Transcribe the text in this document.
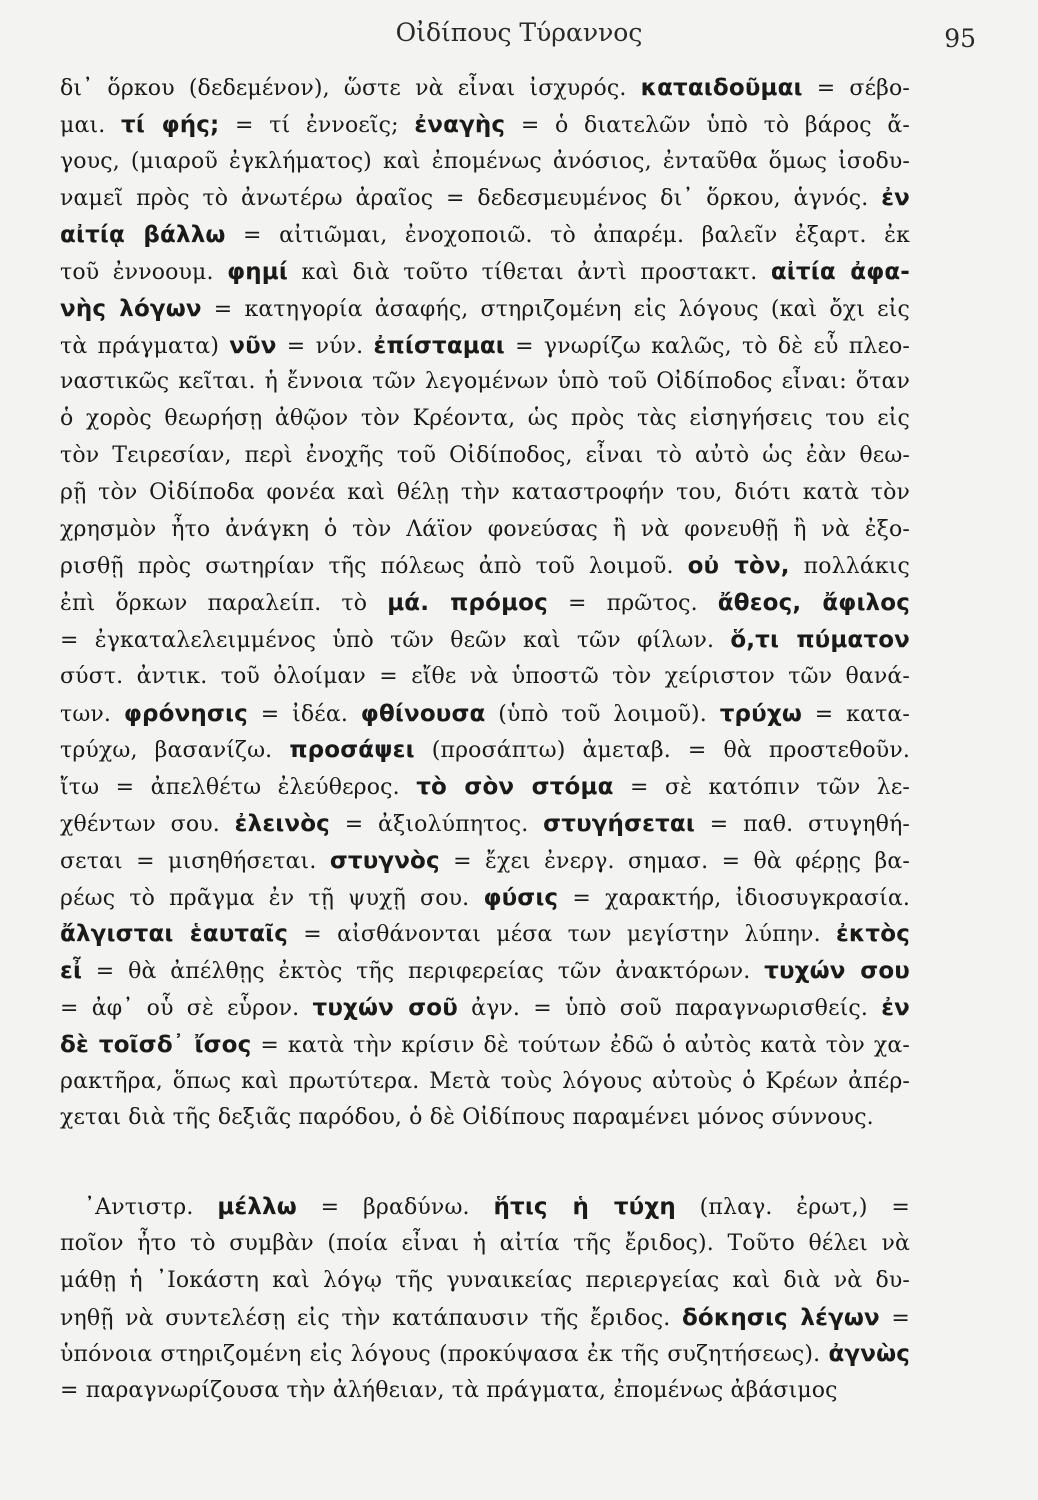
Οἰδίπους Τύραννος	95
δι᾽ ὅρκου (δεδεμένον), ὥστε νὰ εἶναι ἰσχυρός. καταιδοῦμαι = σέβο-
μαι. τί φής; = τί ἐννοεῖς; ἐναγὴς = ὁ διατελῶν ὑπὸ τὸ βάρος ἄ-
γους, (μιαροῦ ἐγκλήματος) καὶ ἐπομένως ἀνόσιος, ἐνταῦθα ὅμως ἰσοδυ-
ναμεῖ πρὸς τὸ ἀνωτέρω ἀραῖος = δεδεσμευμένος δι᾽ ὅρκου, ἁγνός. ἐν
αἰτίᾳ βάλλω = αἰτιῶμαι, ἐνοχοποιῶ. τὸ ἀπαρέμ. βαλεῖν ἐξαρτ. ἐκ
τοῦ ἐννοουμ. φημί καὶ διὰ τοῦτο τίθεται ἀντὶ προστακτ. αἰτία ἀφα-
νὴς λόγων = κατηγορία ἀσαφής, στηριζομένη εἰς λόγους (καὶ ὄχι εἰς
τὰ πράγματα) νῦν = νύν. ἐπίσταμαι = γνωρίζω καλῶς, τὸ δὲ εὖ πλεο-
ναστικῶς κεῖται. ἡ ἔννοια τῶν λεγομένων ὑπὸ τοῦ Οἰδίποδος εἶναι: ὅταν
ὁ χορὸς θεωρήσῃ ἀθῷον τὸν Κρέοντα, ὡς πρὸς τὰς εἰσηγήσεις του εἰς
τὸν Τειρεσίαν, περὶ ἐνοχῆς τοῦ Οἰδίποδος, εἶναι τὸ αὐτὸ ὡς ἐὰν θεω-
ρῇ τὸν Οἰδίποδα φονέα καὶ θέλῃ τὴν καταστροφήν του, διότι κατὰ τὸν
χρησμὸν ἦτο ἀνάγκη ὁ τὸν Λάϊον φονεύσας ἢ νὰ φονευθῇ ἢ νὰ ἐξο-
ρισθῇ πρὸς σωτηρίαν τῆς πόλεως ἀπὸ τοῦ λοιμοῦ. οὐ τὸν, πολλάκις
ἐπὶ ὅρκων παραλείπ. τὸ μά. πρόμος = πρῶτος. ἄθεος, ἄφιλος
= ἐγκαταλελειμμένος ὑπὸ τῶν θεῶν καὶ τῶν φίλων. ὅ,τι πύματον
σύστ. ἀντικ. τοῦ ὀλοίμαν = εἴθε νὰ ὑποστῶ τὸν χείριστον τῶν θανά-
των. φρόνησις = ἰδέα. φθίνουσα (ὑπὸ τοῦ λοιμοῦ). τρύχω = κατα-
τρύχω, βασανίζω. προσάψει (προσάπτω) ἀμεταβ. = θὰ προστεθοῦν.
ἴτω = ἀπελθέτω ἐλεύθερος. τὸ σὸν στόμα = σὲ κατόπιν τῶν λε-
χθέντων σου. ἐλεινὸς = ἀξιολύπητος. στυγήσεται = παθ. στυγηθή-
σεται = μισηθήσεται. στυγνὸς = ἔχει ἐνεργ. σημασ. = θὰ φέρῃς βα-
ρέως τὸ πρᾶγμα ἐν τῇ ψυχῇ σου. φύσις = χαρακτήρ, ἰδιοσυγκρασία.
ἄλγισται ἑαυταῖς = αἰσθάνονται μέσα των μεγίστην λύπην. ἐκτὸς
εἶ = θὰ ἀπέλθῃς ἐκτὸς τῆς περιφερείας τῶν ἀνακτόρων. τυχών σου
= ἀφ᾽ οὗ σὲ εὗρον. τυχών σοῦ ἀγν. = ὑπὸ σοῦ παραγνωρισθείς. ἐν
δὲ τοῖσδ᾽ ἴσος = κατὰ τὴν κρίσιν δὲ τούτων ἐδῶ ὁ αὐτὸς κατὰ τὸν χα-
ρακτῆρα, ὅπως καὶ πρωτύτερα. Μετὰ τοὺς λόγους αὐτοὺς ὁ Κρέων ἀπέρ-
χεται διὰ τῆς δεξιᾶς παρόδου, ὁ δὲ Οἰδίπους παραμένει μόνος σύννους.
᾽Αντιστρ. μέλλω = βραδύνω. ἥτις ἡ τύχη (πλαγ. ἐρωτ,) =
ποῖον ἦτο τὸ συμβὰν (ποία εἶναι ἡ αἰτία τῆς ἔριδος). Τοῦτο θέλει νὰ
μάθῃ ἡ ᾽Ιοκάστη καὶ λόγῳ τῆς γυναικείας περιεργείας καὶ διὰ νὰ δυ-
νηθῇ νὰ συντελέσῃ εἰς τὴν κατάπαυσιν τῆς ἔριδος. δόκησις λέγων =
ὑπόνοια στηριζομένη εἰς λόγους (προκύψασα ἐκ τῆς συζητήσεως). ἀγνὼς
= παραγνωρίζουσα τὴν ἀλήθειαν, τὰ πράγματα, ἐπομένως ἀβάσιμος
